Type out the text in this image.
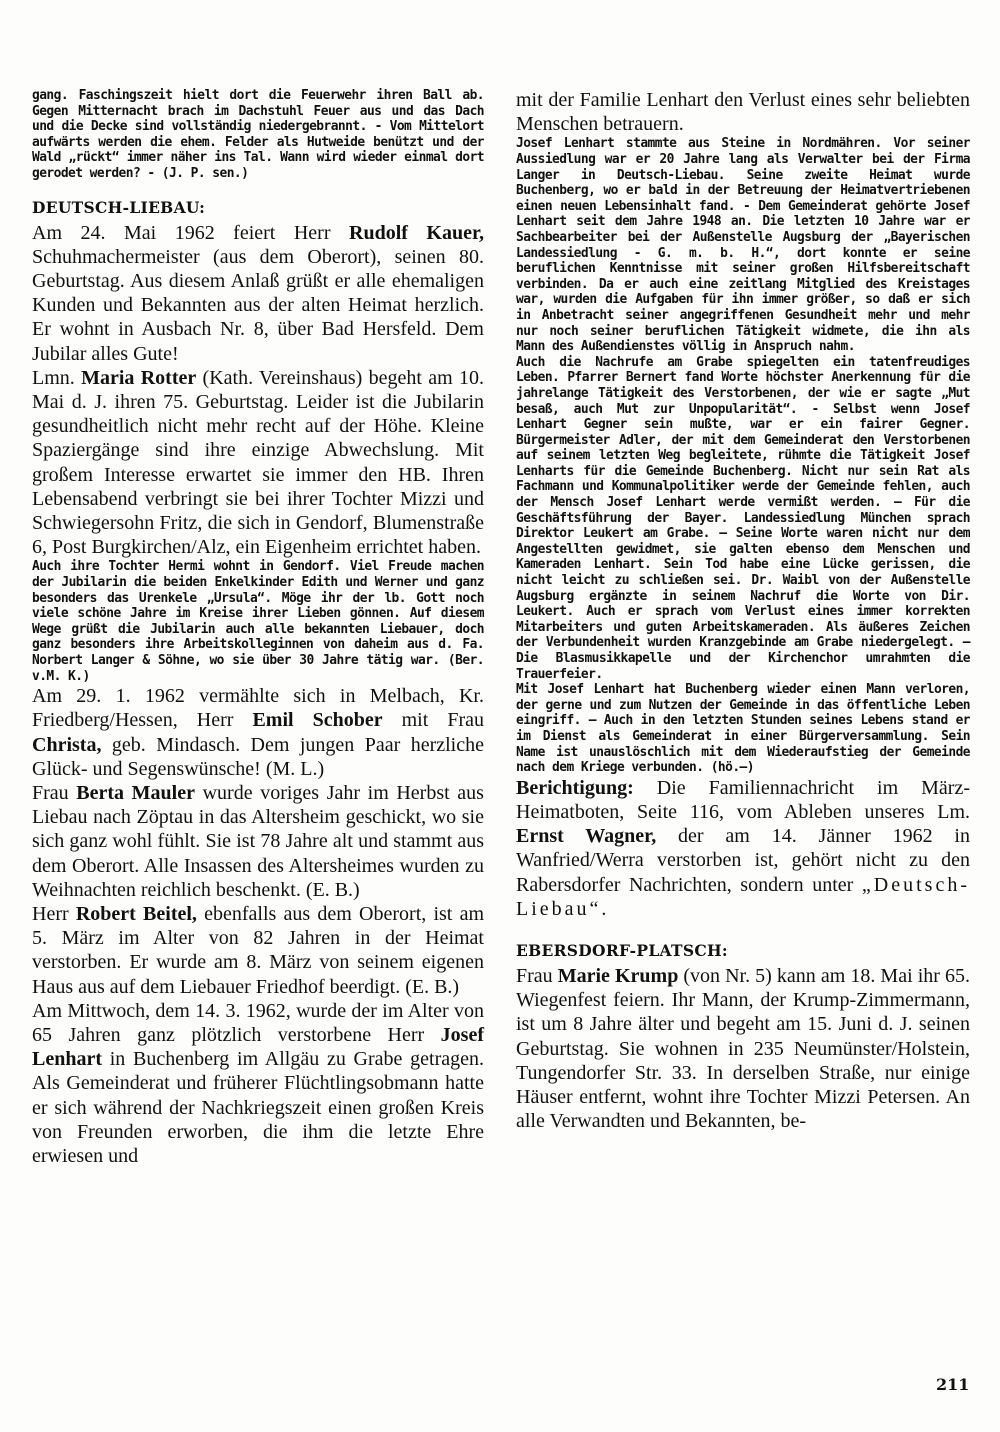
gang. Faschingszeit hielt dort die Feuerwehr ihren Ball ab. Gegen Mitternacht brach im Dachstuhl Feuer aus und das Dach und die Decke sind vollständig niedergebrannt. - Vom Mittelort aufwärts werden die ehem. Felder als Hutweide benützt und der Wald „rückt“ immer näher ins Tal. Wann wird wieder einmal dort gerodet werden? - (J. P. sen.)

DEUTSCH-LIEBAU:

Am 24. Mai 1962 feiert Herr Rudolf Kauer, Schuhmachermeister (aus dem Oberort), seinen 80. Geburtstag. Aus diesem Anlaß grüßt er alle ehemaligen Kunden und Bekannten aus der alten Heimat herzlich. Er wohnt in Ausbach Nr. 8, über Bad Hersfeld. Dem Jubilar alles Gute!

Lmn. Maria Rotter (Kath. Vereinshaus) begeht am 10. Mai d. J. ihren 75. Geburtstag. Leider ist die Jubilarin gesundheitlich nicht mehr recht auf der Höhe. Kleine Spaziergänge sind ihre einzige Abwechslung. Mit großem Interesse erwartet sie immer den HB. Ihren Lebensabend verbringt sie bei ihrer Tochter Mizzi und Schwiegersohn Fritz, die sich in Gendorf, Blumenstraße 6, Post Burgkirchen/Alz, ein Eigenheim errichtet haben.

Auch ihre Tochter Hermi wohnt in Gendorf. Viel Freude machen der Jubilarin die beiden Enkelkinder Edith und Werner und ganz besonders das Urenkele „Ursula“. Möge ihr der lb. Gott noch viele schöne Jahre im Kreise ihrer Lieben gönnen. Auf diesem Wege grüßt die Jubilarin auch alle bekannten Liebauer, doch ganz besonders ihre Arbeitskolleginnen von daheim aus d. Fa. Norbert Langer & Söhne, wo sie über 30 Jahre tätig war. (Ber. v.M. K.)

Am 29. 1. 1962 vermählte sich in Melbach, Kr. Friedberg/Hessen, Herr Emil Schober mit Frau Christa, geb. Mindasch. Dem jungen Paar herzliche Glück- und Segenswünsche! (M. L.)

Frau Berta Mauler wurde voriges Jahr im Herbst aus Liebau nach Zöptau in das Altersheim geschickt, wo sie sich ganz wohl fühlt. Sie ist 78 Jahre alt und stammt aus dem Oberort. Alle Insassen des Altersheimes wurden zu Weihnachten reichlich beschenkt. (E. B.)

Herr Robert Beitel, ebenfalls aus dem Oberort, ist am 5. März im Alter von 82 Jahren in der Heimat verstorben. Er wurde am 8. März von seinem eigenen Haus aus auf dem Liebauer Friedhof beerdigt. (E. B.)

Am Mittwoch, dem 14. 3. 1962, wurde der im Alter von 65 Jahren ganz plötzlich verstorbene Herr Josef Lenhart in Buchenberg im Allgäu zu Grabe getragen. Als Gemeinderat und früherer Flüchtlingsobmann hatte er sich während der Nachkriegszeit einen großen Kreis von Freunden erworben, die ihm die letzte Ehre erwiesen und

mit der Familie Lenhart den Verlust eines sehr beliebten Menschen betrauern.

Josef Lenhart stammte aus Steine in Nordmähren. Vor seiner Aussiedlung war er 20 Jahre lang als Verwalter bei der Firma Langer in Deutsch-Liebau. Seine zweite Heimat wurde Buchenberg, wo er bald in der Betreuung der Heimatvertriebenen einen neuen Lebensinhalt fand. - Dem Gemeinderat gehörte Josef Lenhart seit dem Jahre 1948 an. Die letzten 10 Jahre war er Sachbearbeiter bei der Außenstelle Augsburg der „Bayerischen Landessiedlung - G. m. b. H.“, dort konnte er seine beruflichen Kenntnisse mit seiner großen Hilfsbereitschaft verbinden. Da er auch eine zeitlang Mitglied des Kreistages war, wurden die Aufgaben für ihn immer größer, so daß er sich in Anbetracht seiner angegriffenen Gesundheit mehr und mehr nur noch seiner beruflichen Tätigkeit widmete, die ihn als Mann des Außendienstes völlig in Anspruch nahm.

Auch die Nachrufe am Grabe spiegelten ein tatenfreudiges Leben. Pfarrer Bernert fand Worte höchster Anerkennung für die jahrelange Tätigkeit des Verstorbenen, der wie er sagte „Mut besaß, auch Mut zur Unpopularität“. - Selbst wenn Josef Lenhart Gegner sein mußte, war er ein fairer Gegner. Bürgermeister Adler, der mit dem Gemeinderat den Verstorbenen auf seinem letzten Weg begleitete, rühmte die Tätigkeit Josef Lenharts für die Gemeinde Buchenberg. Nicht nur sein Rat als Fachmann und Kommunalpolitiker werde der Gemeinde fehlen, auch der Mensch Josef Lenhart werde vermißt werden. — Für die Geschäftsführung der Bayer. Landessiedlung München sprach Direktor Leukert am Grabe. — Seine Worte waren nicht nur dem Angestellten gewidmet, sie galten ebenso dem Menschen und Kameraden Lenhart. Sein Tod habe eine Lücke gerissen, die nicht leicht zu schließen sei. Dr. Waibl von der Außenstelle Augsburg ergänzte in seinem Nachruf die Worte von Dir. Leukert. Auch er sprach vom Verlust eines immer korrekten Mitarbeiters und guten Arbeitskameraden. Als äußeres Zeichen der Verbundenheit wurden Kranzgebinde am Grabe niedergelegt. — Die Blasmusikkapelle und der Kirchenchor umrahmten die Trauerfeier.

Mit Josef Lenhart hat Buchenberg wieder einen Mann verloren, der gerne und zum Nutzen der Gemeinde in das öffentliche Leben eingriff. — Auch in den letzten Stunden seines Lebens stand er im Dienst als Gemeinderat in einer Bürgerversammlung. Sein Name ist unauslöschlich mit dem Wiederaufstieg der Gemeinde nach dem Kriege verbunden. (hö.—)

Berichtigung: Die Familiennachricht im März-Heimatboten, Seite 116, vom Ableben unseres Lm. Ernst Wagner, der am 14. Jänner 1962 in Wanfried/Werra verstorben ist, gehört nicht zu den Rabersdorfer Nachrichten, sondern unter „Deutsch-Liebau“.

EBERSDORF-PLATSCH:

Frau Marie Krump (von Nr. 5) kann am 18. Mai ihr 65. Wiegenfest feiern. Ihr Mann, der Krump-Zimmermann, ist um 8 Jahre älter und begeht am 15. Juni d. J. seinen Geburtstag. Sie wohnen in 235 Neumünster/Holstein, Tungendorfer Str. 33. In derselben Straße, nur einige Häuser entfernt, wohnt ihre Tochter Mizzi Petersen. An alle Verwandten und Bekannten, be-

211
